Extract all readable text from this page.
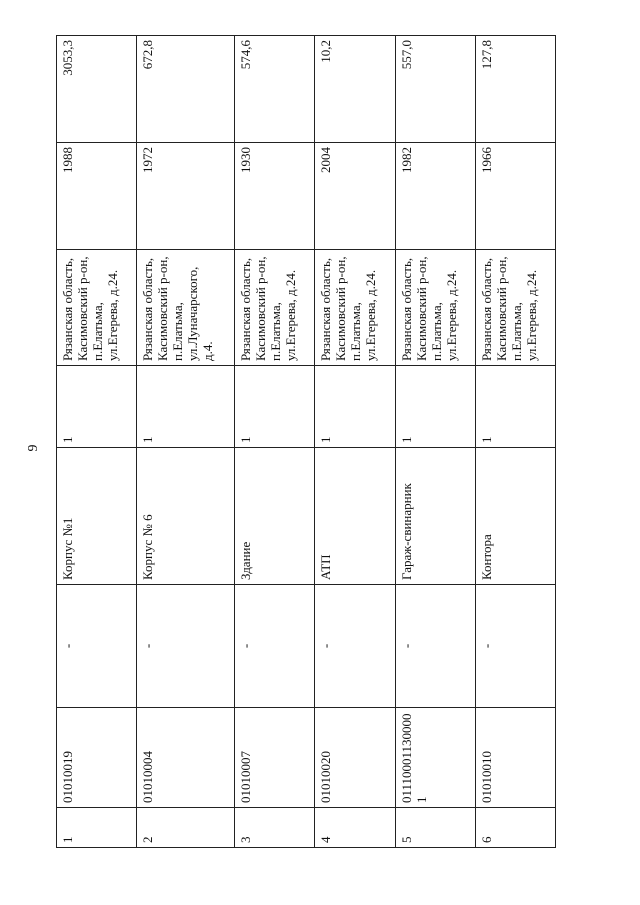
9
1	01010019	-	Корпус №1	1	Рязанская область, Касимовский р-он, п.Елатьма, ул.Егерева, д.24.	1988	3053,3
2	01010004	-	Корпус № 6	1	Рязанская область, Касимовский р-он, п.Елатьма, ул.Луначарского, д.4.	1972	672,8
3	01010007	-	Здание	1	Рязанская область, Касимовский р-он, п.Елатьма, ул.Егерева, д.24.	1930	574,6
4	01010020	-	АТП	1	Рязанская область, Касимовский р-он, п.Елатьма, ул.Егерева, д.24.	2004	10,2
5	011100011300001	-	Гараж-свинарник	1	Рязанская область, Касимовский р-он, п.Елатьма, ул.Егерева, д.24.	1982	557,0
6	01010010	-	Контора	1	Рязанская область, Касимовский р-он, п.Елатьма, ул.Егерева, д.24.	1966	127,8
